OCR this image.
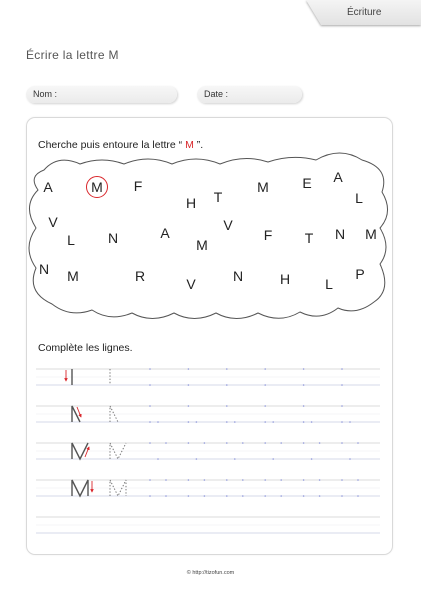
Écriture
Écrire la lettre M
Nom :	Date :
A	M F
H T
M E A
L
V
L N	A
M
V
F T N M
N M	R	V	N	H	L
P
Cherche puis entoure la lettre “ M ”.
Complète les lignes.
© http://tizofun.com
